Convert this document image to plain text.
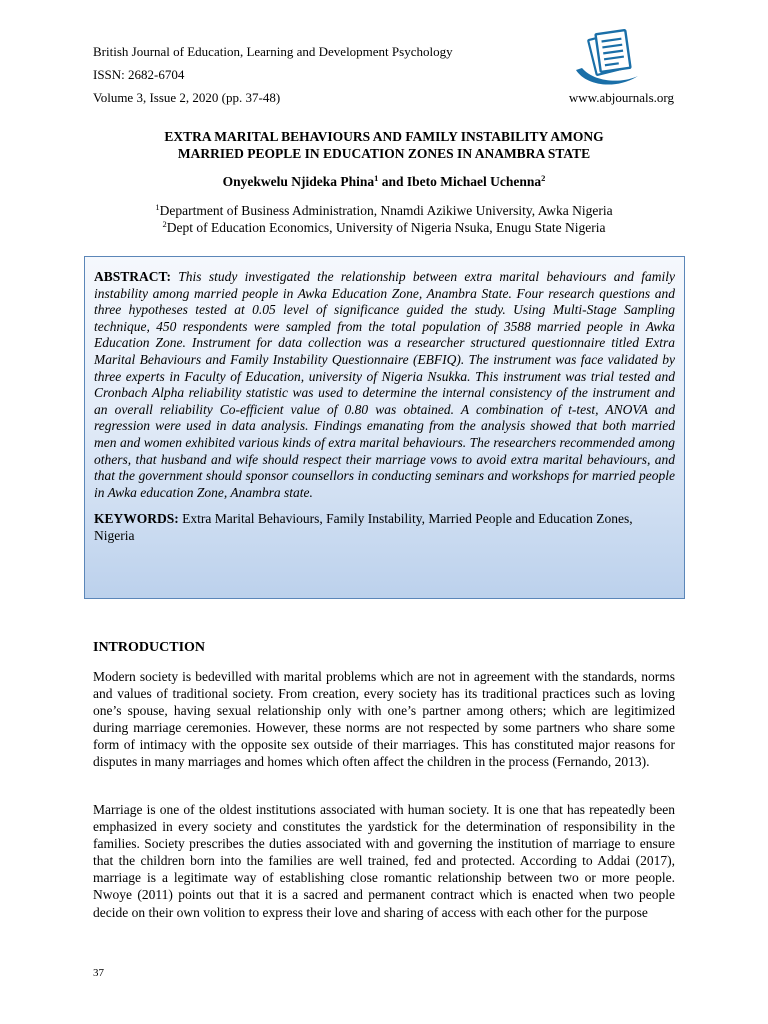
British Journal of Education, Learning and Development Psychology
ISSN: 2682-6704
Volume 3, Issue 2, 2020 (pp. 37-48)	www.abjournals.org
EXTRA MARITAL BEHAVIOURS AND FAMILY INSTABILITY AMONG
MARRIED PEOPLE IN EDUCATION ZONES IN ANAMBRA STATE
Onyekwelu Njideka Phina$^1$ and Ibeto Michael Uchenna$^2$
$^1$Department of Business Administration, Nnamdi Azikiwe University, Awka Nigeria
$^2$Dept of Education Economics, University of Nigeria Nsuka, Enugu State Nigeria
ABSTRACT: This study investigated the relationship between extra marital behaviours and family instability among married people in Awka Education Zone, Anambra State. Four research questions and three hypotheses tested at 0.05 level of significance guided the study. Using Multi-Stage Sampling technique, 450 respondents were sampled from the total population of 3588 married people in Awka Education Zone. Instrument for data collection was a researcher structured questionnaire titled Extra Marital Behaviours and Family Instability Questionnaire (EBFIQ). The instrument was face validated by three experts in Faculty of Education, university of Nigeria Nsukka. This instrument was trial tested and Cronbach Alpha reliability statistic was used to determine the internal consistency of the instrument and an overall reliability Co-efficient value of 0.80 was obtained. A combination of t-test, ANOVA and regression were used in data analysis. Findings emanating from the analysis showed that both married men and women exhibited various kinds of extra marital behaviours. The researchers recommended among others, that husband and wife should respect their marriage vows to avoid extra marital behaviours, and that the government should sponsor counsellors in conducting seminars and workshops for married people in Awka education Zone, Anambra state.
KEYWORDS: Extra Marital Behaviours, Family Instability, Married People and Education Zones, Nigeria
INTRODUCTION

Modern society is bedevilled with marital problems which are not in agreement with the standards, norms and values of traditional society. From creation, every society has its traditional practices such as loving one’s spouse, having sexual relationship only with one’s partner among others; which are legitimized during marriage ceremonies. However, these norms are not respected by some partners who share some form of intimacy with the opposite sex outside of their marriages. This has constituted major reasons for disputes in many marriages and homes which often affect the children in the process (Fernando, 2013).

Marriage is one of the oldest institutions associated with human society. It is one that has repeatedly been emphasized in every society and constitutes the yardstick for the determination of responsibility in the families. Society prescribes the duties associated with and governing the institution of marriage to ensure that the children born into the families are well trained, fed and protected. According to Addai (2017), marriage is a legitimate way of establishing close romantic relationship between two or more people. Nwoye (2011) points out that it is a sacred and permanent contract which is enacted when two people decide on their own volition to express their love and sharing of access with each other for the purpose

37
